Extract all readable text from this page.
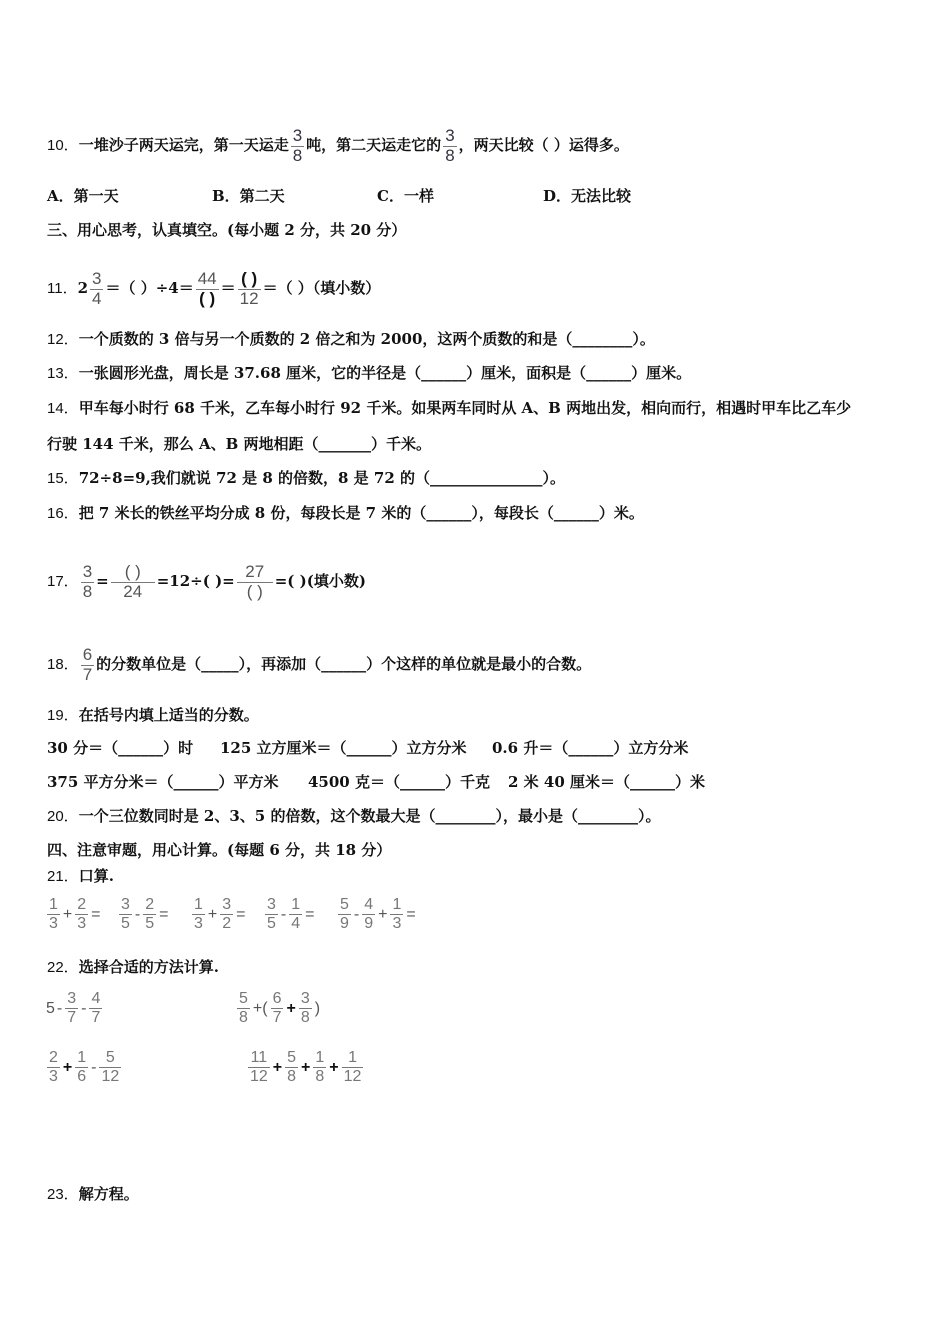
10．一堆沙子两天运完，第一天运走 $\frac{3}{8}$ 吨，第二天运走它的 $\frac{3}{8}$ ，两天比较（ ）运得多。
A．第一天	B．第二天	C．一样	D．无法比较
三、用心思考，认真填空。(每小题 2 分，共 20 分）
11．$2 \frac{3}{4}$ ＝（ ）÷4＝
44
( )
＝
( )
12
＝（ ）（填小数）
12．一个质数的 3 倍与另一个质数的 2 倍之和为 2000，这两个质数的和是（________）。
13．一张圆形光盘，周长是 37.68 厘米，它的半径是（______）厘米，面积是（______）厘米。
14．甲车每小时行 68 千米，乙车每小时行 92 千米。如果两车同时从 A、B 两地出发，相向而行，相遇时甲车比乙车少
行驶 144 千米，那么 A、B 两地相距（_______）千米。
15．72÷8=9,我们就说 72 是 8 的倍数，8 是 72 的（_______________）。
16．把 7 米长的铁丝平均分成 8 份，每段长是 7 米的（______），每段长（______）米。
17． $\frac{3}{8}$ =
( )
24
=12÷( )=
27
( )
=( )(填小数)
18． $\frac{6}{7}$ 的分数单位是（_____），再添加（______）个这样的单位就是最小的合数。
19．在括号内填上适当的分数。
30 分＝（______）时 125 立方厘米＝（______）立方分米 0.6 升＝（______）立方分米
375 平方分米＝（______）平方米 4500 克＝（______）千克 2 米 40 厘米＝（______）米
20．一个三位数同时是 2、3、5 的倍数，这个数最大是（________），最小是（________）。
四、注意审题，用心计算。(每题 6 分，共 18 分）
21．口算.
$\frac{1}{3} + \frac{2}{3} = \frac{3}{5} - \frac{2}{5} = \frac{1}{3} + \frac{3}{2} = \frac{3}{5} - \frac{1}{4} = \frac{5}{9} - \frac{4}{9} + \frac{1}{3}$ =
22．选择合适的方法计算.
$5 - \frac{3}{7} - \frac{4}{7}$	$\frac{5}{8}$ +( $\frac{6}{7} + \frac{3}{8}$ )
$\frac{2}{3} + \frac{1}{6} - \frac{5}{12}$	$\frac{11}{12} + \frac{5}{8} + \frac{1}{8} + \frac{1}{12}$
23．解方程。
